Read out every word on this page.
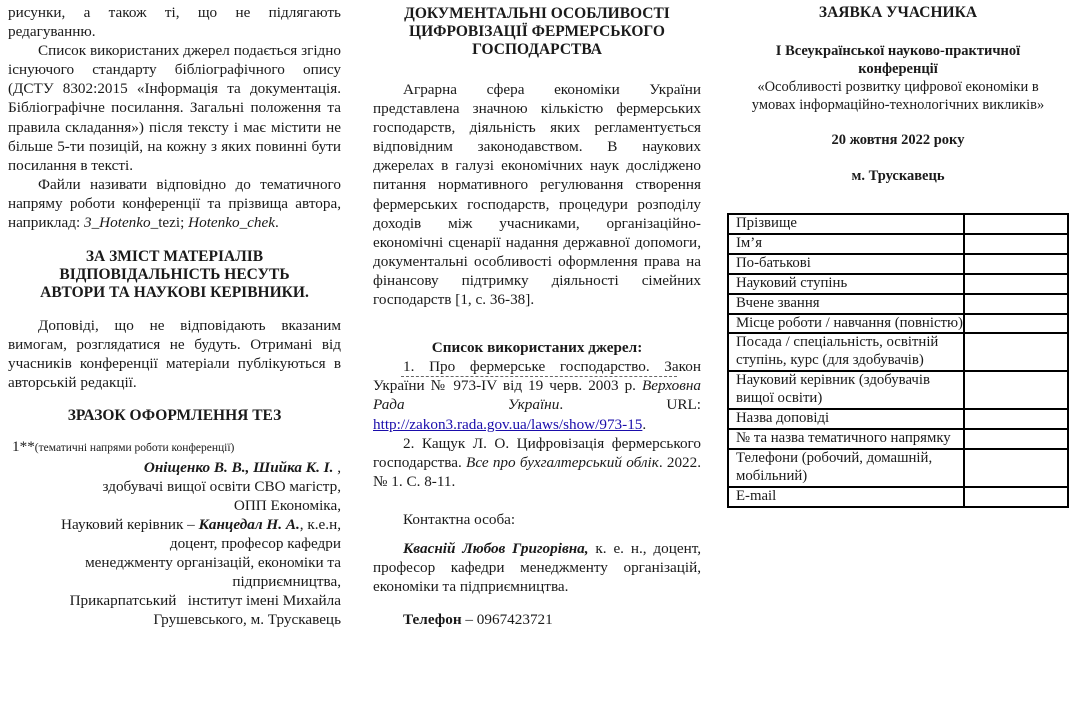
рисунки, а також ті, що не підлягають редагуванню.

Список використаних джерел подається згідно існуючого стандарту бібліографічного опису (ДСТУ 8302:2015 «Інформація та документація. Бібліографічне посилання. Загальні положення та правила складання») після тексту і має містити не більше 5-ти позицій, на кожну з яких повинні бути посилання в тексті.

Файли називати відповідно до тематичного напряму роботи конференції та прізвища автора, наприклад: 3_Hotenko_tezi; Hotenko_chek.

ЗА ЗМІСТ МАТЕРІАЛІВ

ВІДПОВІДАЛЬНІСТЬ НЕСУТЬ

АВТОРИ ТА НАУКОВІ КЕРІВНИКИ.

Доповіді, що не відповідають вказаним вимогам, розглядатися не будуть. Отримані від учасників конференції матеріали публікуються в авторській редакції.

ЗРАЗОК ОФОРМЛЕННЯ ТЕЗ

1**(тематичні напрями роботи конференції)

Оніщенко В. В., Шийка К. І. ,

здобувачі вищої освіти СВО магістр,

ОПП Економіка,

Науковий керівник – Канцедал Н. А., к.е.н,

доцент, професор кафедри

менеджменту організацій, економіки та

підприємництва,

Прикарпатський   інститут імені Михайла

Грушевського, м. Трускавець

ДОКУМЕНТАЛЬНІ ОСОБЛИВОСТІ

ЦИФРОВІЗАЦІЇ ФЕРМЕРСЬКОГО

ГОСПОДАРСТВА

Аграрна сфера економіки України представлена значною кількістю фермерських господарств, діяльність яких регламентується відповідним законодавством. В наукових джерелах в галузі економічних наук досліджено питання нормативного регулювання створення фермерських господарств, процедури розподілу доходів між учасниками, організаційно-економічні сценарії надання державної допомоги, документальні особливості оформлення права на фінансову підтримку діяльності сімейних господарств [1, с. 36-38].

Список використаних джерел:

1. Про фермерське господарство. Закон України № 973-IV від 19 черв. 2003 р. Верховна Рада України. URL: http://zakon3.rada.gov.ua/laws/show/973-15.

2. Кащук Л. О. Цифровізація фермерського господарства. Все про бухгалтерський облік. 2022. № 1. С. 8-11.

Контактна особа:

Квасній Любов Григорівна, к. е. н., доцент, професор кафедри менеджменту організацій, економіки та підприємництва.

Телефон – 0967423721

ЗАЯВКА УЧАСНИКА

І Всеукраїнської науково-практичної

конференції

«Особливості розвитку цифрової економіки в умовах інформаційно-технологічних викликів»

20 жовтня 2022 року

м. Трускавець

Прізвище	
Ім’я	
По-батькові	
Науковий ступінь	
Вчене звання	
Місце роботи / навчання (повністю)	
Посада / спеціальність, освітній ступінь, курс (для здобувачів)	
Науковий керівник (здобувачів вищої освіти)	
Назва доповіді	
№ та назва тематичного напрямку	
Телефони (робочий, домашній, мобільний)	
E-mail	
